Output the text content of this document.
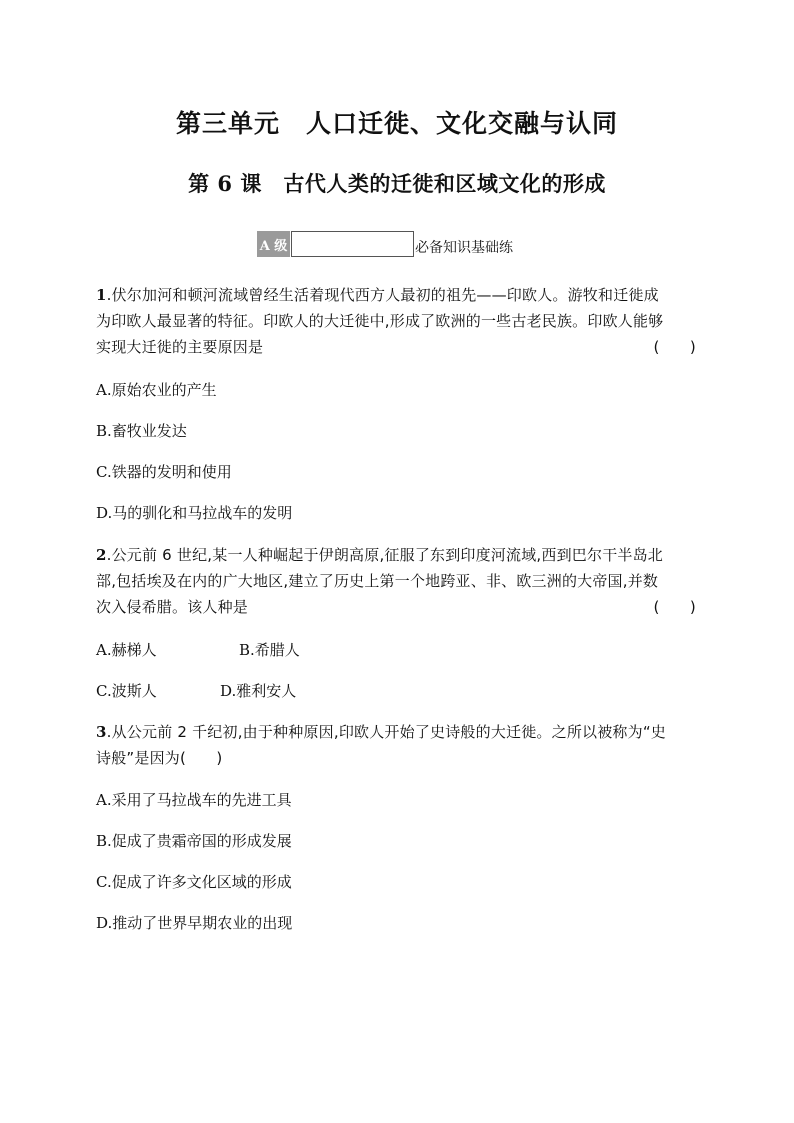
第三单元　人口迁徙、文化交融与认同
第 6 课　古代人类的迁徙和区域文化的形成
A 级	必备知识基础练
1.伏尔加河和顿河流域曾经生活着现代西方人最初的祖先——印欧人。游牧和迁徙成
为印欧人最显著的特征。印欧人的大迁徙中,形成了欧洲的一些古老民族。印欧人能够
实现大迁徙的主要原因是	(　　)
A.原始农业的产生
B.畜牧业发达
C.铁器的发明和使用
D.马的驯化和马拉战车的发明
2.公元前 6 世纪,某一人种崛起于伊朗高原,征服了东到印度河流域,西到巴尔干半岛北
部,包括埃及在内的广大地区,建立了历史上第一个地跨亚、非、欧三洲的大帝国,并数
次入侵希腊。该人种是	(　　)
A.赫梯人	B.希腊人
C.波斯人	D.雅利安人
3.从公元前 2 千纪初,由于种种原因,印欧人开始了史诗般的大迁徙。之所以被称为“史
诗般”是因为(　　)
A.采用了马拉战车的先进工具
B.促成了贵霜帝国的形成发展
C.促成了许多文化区域的形成
D.推动了世界早期农业的出现
